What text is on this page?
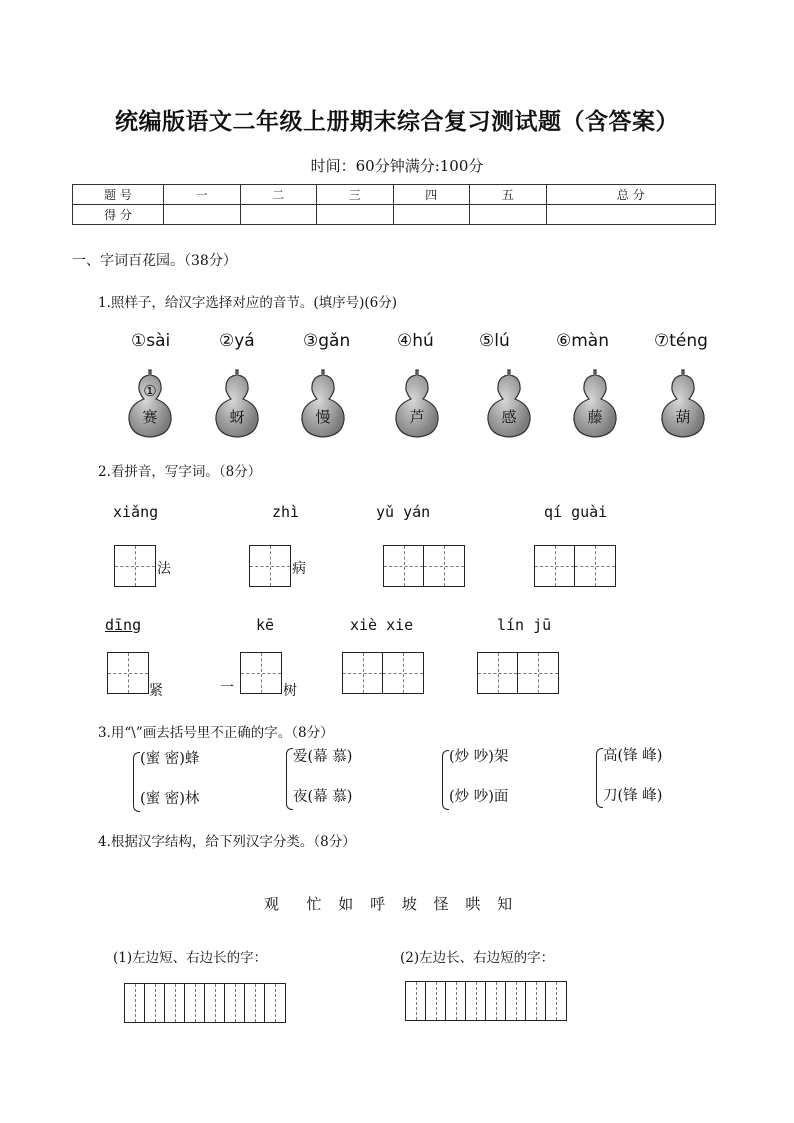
统编版语文二年级上册期末综合复习测试题（含答案）
时间：60分钟满分:100分
题 号	一	二	三	四	五	总 分
得 分						
一、字词百花园。（38分）
1.照样子，给汉字选择对应的音节。(填序号)(6分)
①sài	②yá	③gǎn	④hú	⑤lú	⑥màn	⑦téng
①
赛	蚜	慢	芦	感	藤	葫
2.看拼音，写字词。（8分）
xiǎng	zhì	yǔ yán	qí guài
法	病
dīng	kē	xiè xie	lín jū
紧	一	树
3.用“\”画去括号里不正确的字。（8分）
(蜜 密)蜂
(蜜 密)林
爱(幕 慕)
夜(幕 慕)
(炒 吵)架
(炒 吵)面
高(锋 峰)
刀(锋 峰)
4.根据汉字结构，给下列汉字分类。（8分）
观  忙 如 呼 坡 怪 哄 知
(1)左边短、右边长的字：	(2)左边长、右边短的字：
